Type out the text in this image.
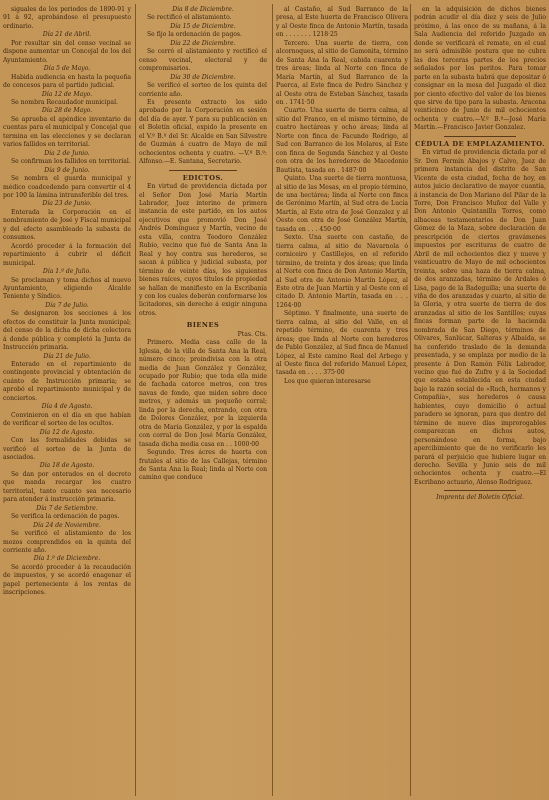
siguales de los periodos de 1890-91 y 91 á 92, aprobándose el presupuesto ordinario.

Día 21 de Abril.

Por resultar sin del censo vecinal se dispone aumentar un Concejal de los del Ayuntamiento.

Día 5 de Mayo.

Habida audiencia en hasta la pequeña de concesos para el partido judicial.

Día 12 de Mayo.

Se nombra Recaudador municipal.

Día 28 de Mayo.

Se aprueba el apéndice inventario de cuentas para el municipal y Concejal que termina en las elecciones y se declaran varios fallidos en territorial.

Día 2 de Junio.

Se confirman los fallidos en territorial.

Día 9 de Junio.

Se nombra el guarda municipal y médico coadcedendo para convertir el 4 por 100 la lámina intransferible del tres.

Día 23 de Junio.

Enterada la Corporación en el nombramiento de José y Fiscal municipal y del efecto asambleado la subasta de consumos.

Acordó proceder á la formación del repartimiento á cubrir el déficit municipal.

Día 1.º de Julio.

Se proclaman y toma dichos al nuevo Ayuntamiento, eligiendo Alcalde Teniente y Síndico.

Día 7 de Julio.

Se designaron los secciones á los efectos de constituir la Junta municipal; del censo de la dicha de dicha colectora á donde pública y completó la Junta de Instrucción primaria.

Día 21 de Julio.

Enterado en el repartimiento de contingente provincial y obtentación de cuánto de Instrucción primaria; se aprobó el repartimiento municipal y de conciertos.

Día 4 de Agosto.

Convinieron en el día en que habían de verificar el sorteo de los ocultos.

Día 12 de Agosto.

Con las formalidades debidas se verificó el sorteo de la Junta de asociados.

Día 18 de Agosto.

Se dan por enterados en el decreto que manda recargar los cuatro territorial, tanto cuanto sea necesario para atender á instrucción primaria.

Día 7 de Setiembre.

Se verifica la ordenación de pagos.

Día 24 de Noviembre.

Se verificó el alistamiento de los mozos comprendidos en la quinta del corriente año.

Día 1.º de Diciembre.

Se acordó proceder á la recaudación de impuestos, y se acordó enagenar el papel perteneciente á los rentas de inscripciones.

Día 8 de Diciembre.

Se rectificó el alistamiento.

Día 15 de Diciembre.

Se fijo la ordenación de pagos.

Día 22 de Diciembre.

Se cerró el alistamiento y rectificó el censo vecinal, electoral y de compromisarios.

Día 30 de Diciembre.

Se verificó el sorteo de los quinta del corriente año.

Es presente extracto los sido aprobado por la Corporación en sesión del día de ayer. Y para su publicación en el Boletín oficial, expido la presente en el V.º B.º del Sr. Alcalde en San Silvestre de Guzmán á cuatro de Mayo de mil ochocientos ochenta y cuatro. —V.º B.º: Alfonso.—E. Santana, Secretario.

EDICTOS.

En virtud de providencia dictada por el Señor Don José María Martín Labrador, Juez interino de primera instancia de este partido, en los autos ejecutivos que promovió Don José Andrés Domínguez y Martín, vecino de esta villa, contra Teodoro González Rubio, vecino que fué de Santa Ana la Real y hoy contra sus herederos, se sacan á pública y judicial subasta, por término de veinte días, los siguientes bienes raíces, cuyos títulos de propiedad se hallan de manifiesto en la Escribanía y con los cuales deberán conformarse los licitadores, sin derecho á exigir ninguna otros.

BIENES

Ptas. Cts.

Primero. Media casa calle de la Iglesia, de la villa de Santa Ana la Real, número cinco; proindivisa con la otra media de Juan González y González, ocupado por Rubio; que toda ella mide de fachada catorce metros, con tres navas de fondo, que miden sobre doce metros, y además un pequeño corral; linda por la derecha, entrando, con otra de Dolores González, por la izquierda otra de María González, y por la espalda con corral de Don José María González, tasada dicha media casa en . . 1000·00

Segundo. Tres ácres de huerta con frutales al sitio de las Callejas, término de Santa Ana la Real; linda al Norte con camino que conduce

al Castaño, al Sud Barranco de la presa, al Este huerta de Francisco Olivera y al Oeste finca de Antonio Martín, tasada en . . . . . . . 1218·25

Tercero. Una suerte de tierra, con alcornoques, al sitio de Gamonita, término de Santa Ana la Real, cabida cuarenta y tres áreas; linda al Norte con finca de María Martín, al Sud Barranco de la Puerca, al Este finca de Pedro Sánchez y al Oeste otra de Esteban Sánchez, tasada en . 1741·50

Cuarto. Una suerte de tierra calma, al sitio del Franco, en el mismo término, de cuatro hectáreas y ocho áreas; linda al Norte con finca de Facundo Rodrigo, al Sud con Barranco de los Molares, al Este con finca de Segunda Sánchez y al Oeste con otra de los herederos de Macedonio Bautista, tasada en . 1487·00

Quinto. Una suerte de tierra montuosa, al sitio de las Mesas, en el propio término, de una hectárea; linda al Norte con finca de Gerónimo Martín, al Sud otra de Lucía Martín, al Este otra de José Gonzalez y al Oeste con otra de José González Martín, tasada en . . . 450·00

Sexto. Una suerte con castaño, de tierra calma, al sitio de Navarnola ó corniceiro y Castillejos, en el referido término, de treinta y dos áreas; que linda al Norte con finca de Don Antonio Martín, al Sud otra de Antonio Martín López, al Este otra de Juan Martín y al Oeste con el citado D. Antonio Martín, tasada en . . . 1264·00

Séptimo. Y finalmente, una suerte de tierra calma, al sitio del Valle, en el repetido término, de cuarenta y tres áreas; que linda al Norte con herederos de Pablo González, al Sud finca de Manuel López, al Este camino Real del Arbego y al Oeste finca del referido Manuel López, tasada en . . . . 375·00

Los que quieran interesarse

en la adquisición de dichos bienes podrán acudir el día diez y seis de Julio próximo, á las once de su mañana, á la Sala Audiencia del referido Juzgado en donde se verificará el remate, en el cual no será admisible postura que no cubra las dos terceras partes de los precios señalados por los peritos. Para tomar parte en la subasta habrá que depositar ó consignar en la mesa del Juzgado el diez por ciento efectivo del valor de los bienes que sirve de tipo para la subasta. Aracena veinticinco de Junio de mil ochocientos ochenta y cuatro.—V.º B.º—José María Martín.—Francisco Javier Gonzalez.

CÉDULA DE EMPLAZAMIENTO.

En virtud de providencia dictada por el Sr. Don Fermín Abajos y Calvo, Juez de primera instancia del distrito de San Vicente de esta ciudad, fecha de hoy, en autos juicio declarativo de mayor cuantía, á instancia de Don Mariano del Pilar de la Torre, Don Francisco Muñoz del Valle y Don Antonio Quintanilla Torres, como albaceas testamentarios de Don Juan Gómez de la Maza, sobre declaración de prescripción de ciertos gravámenes impuestos por escrituras de cuatro de Abril de mil ochocientos diez y nueve y veinticuatro de Mayo de mil ochocientos treinta, sobre una haza de tierra calma, de dos aranzadas, término de Ardales ó Lisa, pago de la Badeguilla; una suerte de viña de dos aranzadas y cuarto, al sitio de la Gloria, y otra suerte de tierra de dos aranzadas al sitio de los Santillos; cuyas fincas forman parte de la hacienda nombrada de San Diego, términos de Olivares, Sanlúcar, Salteras y Albaida, se ha conferido traslado de la demanda presentada, y se emplaza por medio de la presente á Don Ramón Félix Labrador, vecino que fué de Zufre y á la Sociedad que estaba establecida en esta ciudad bajo la razón social de «Ruch, hermanos y Compañía», sus herederos ó causa habientes, cuyo domicilio ó actual paradero se ignoran, para que dentro del término de nueve días improrogables comparezcan en dichos autos, personándose en forma, bajo apercibimiento que de no verificarlo les parará el perjuicio que hubiere lugar en derecho. Sevilla y Junio seis de mil ochocientos ochenta y cuatro.—El Escribano actuario, Alonso Rodríguez.

Imprenta del Boletín Oficial.
